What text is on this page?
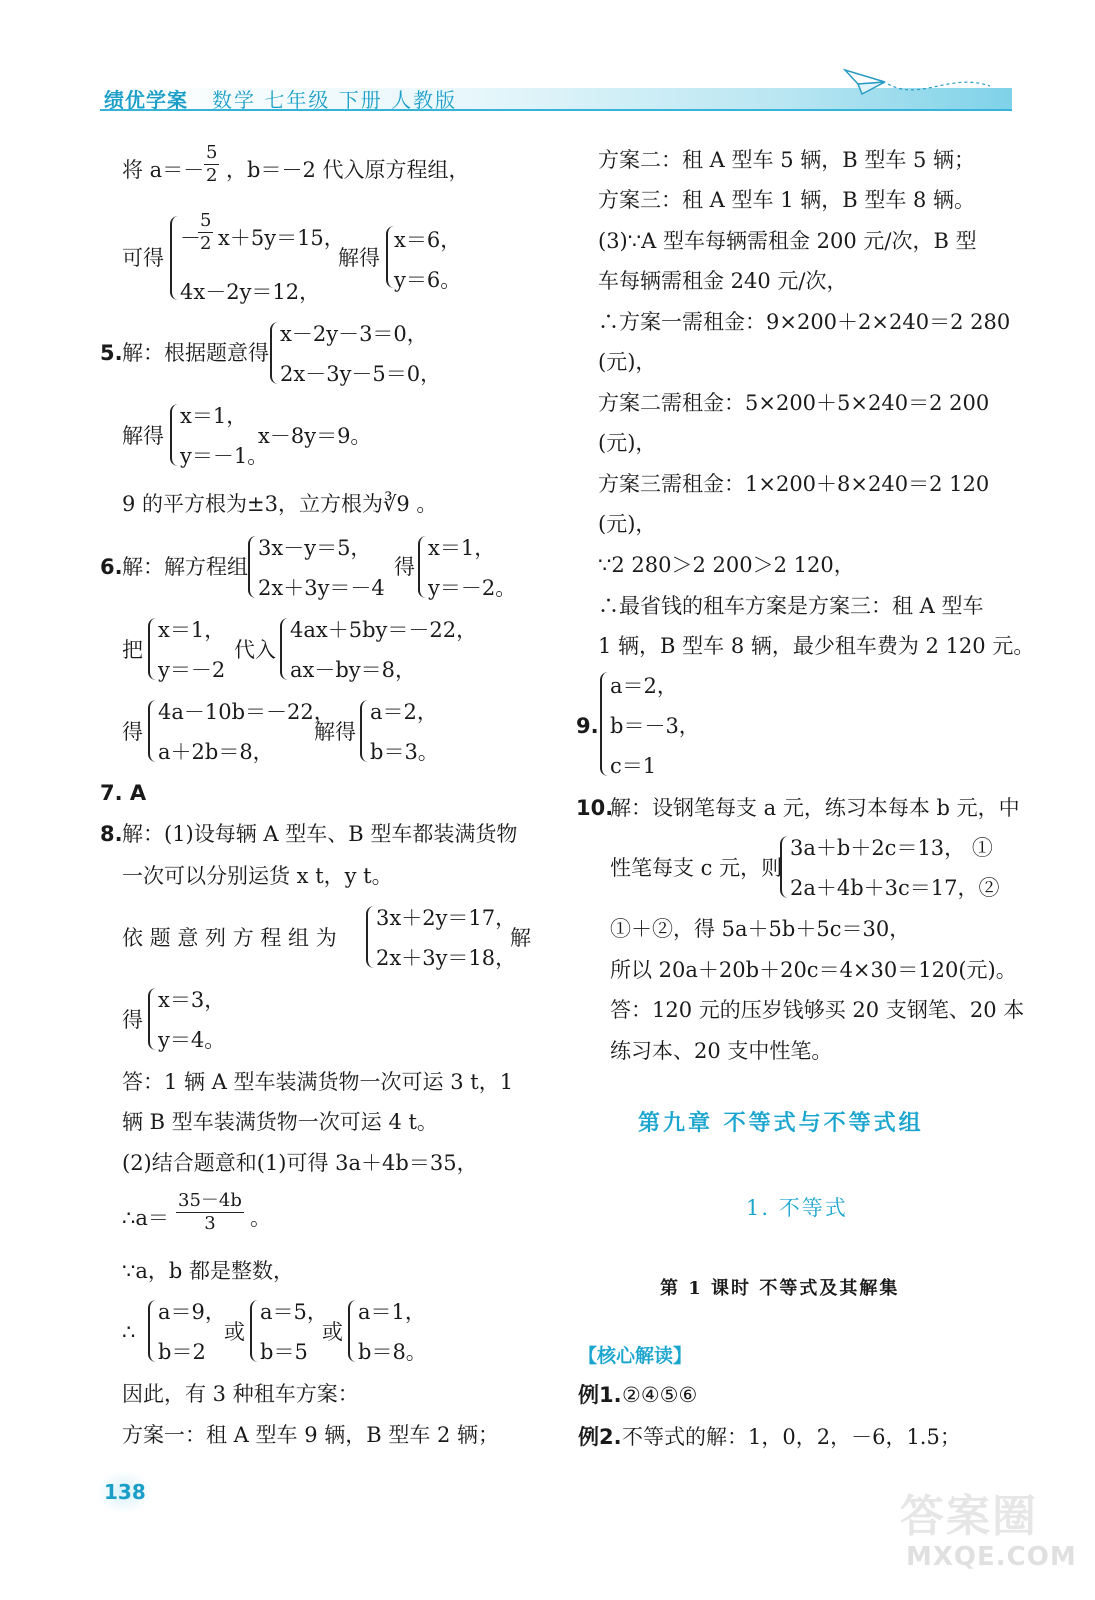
绩优学案 数学 七年级 下册 人教版
将 $a=- \frac{5}{2}$ ，b＝－2 代入原方程组，
可得
－
$\frac{5}{2} x+5y=15$，
4x－2y＝12，
解得
x＝6，
y＝6。
5. 解：根据题意得
x－2y－3＝0，
2x－3y－5＝0，
解得
x＝1，
y＝－1。
x－8y＝9。
9 的平方根为±3，立方根为∛9 。
6. 解：解方程组
3x－y＝5，
2x＋3y＝－4
得
x＝1，
y＝－2。
把
x＝1，
y＝－2
代入
4ax＋5by＝－22，
ax－by＝8，
得
4a－10b＝－22，
a＋2b＝8，
解得
a＝2，
b＝3。
7. A
8. 解：(1)设每辆 A 型车、B 型车都装满货物
一次可以分别运货 x t，y t。
依 题 意 列 方 程 组 为
3x＋2y＝17，
2x＋3y＝18，
解
得
x＝3，
y＝4。
答：1 辆 A 型车装满货物一次可运 3 t，1
辆 B 型车装满货物一次可运 4 t。
(2)结合题意和(1)可得 3a＋4b＝35，
∴a＝ $\frac{35-4b}{3}$ 。
∵a，b 都是整数，
∴
a＝9，
b＝2
或
a＝5，
b＝5
或
a＝1，
b＝8。
因此，有 3 种租车方案：
方案一：租 A 型车 9 辆，B 型车 2 辆；
方案二：租 A 型车 5 辆，B 型车 5 辆；
方案三：租 A 型车 1 辆，B 型车 8 辆。
(3)∵A 型车每辆需租金 200 元/次，B 型
车每辆需租金 240 元/次，
∴方案一需租金：9×200＋2×240＝2 280
(元)，
方案二需租金：5×200＋5×240＝2 200
(元)，
方案三需租金：1×200＋8×240＝2 120
(元)，
∵2 280＞2 200＞2 120，
∴最省钱的租车方案是方案三：租 A 型车
1 辆，B 型车 8 辆，最少租车费为 2 120 元。
9.
a＝2，
b＝－3，
c＝1
10.
解：设钢笔每支 a 元，练习本每本 b 元，中
性笔每支 c 元，则
3a＋b＋2c＝13， ①
2a＋4b＋3c＝17，②
①＋②，得 5a＋5b＋5c＝30，
所以 20a＋20b＋20c＝4×30＝120(元)。
答：120 元的压岁钱够买 20 支钢笔、20 本
练习本、20 支中性笔。
第九章 不等式与不等式组
1. 不等式
第 1 课时 不等式及其解集
【核心解读】
例1. ②④⑤⑥
例2. 不等式的解：1，0，2，－6，1.5；
138	答案圈
MXQE.COM
